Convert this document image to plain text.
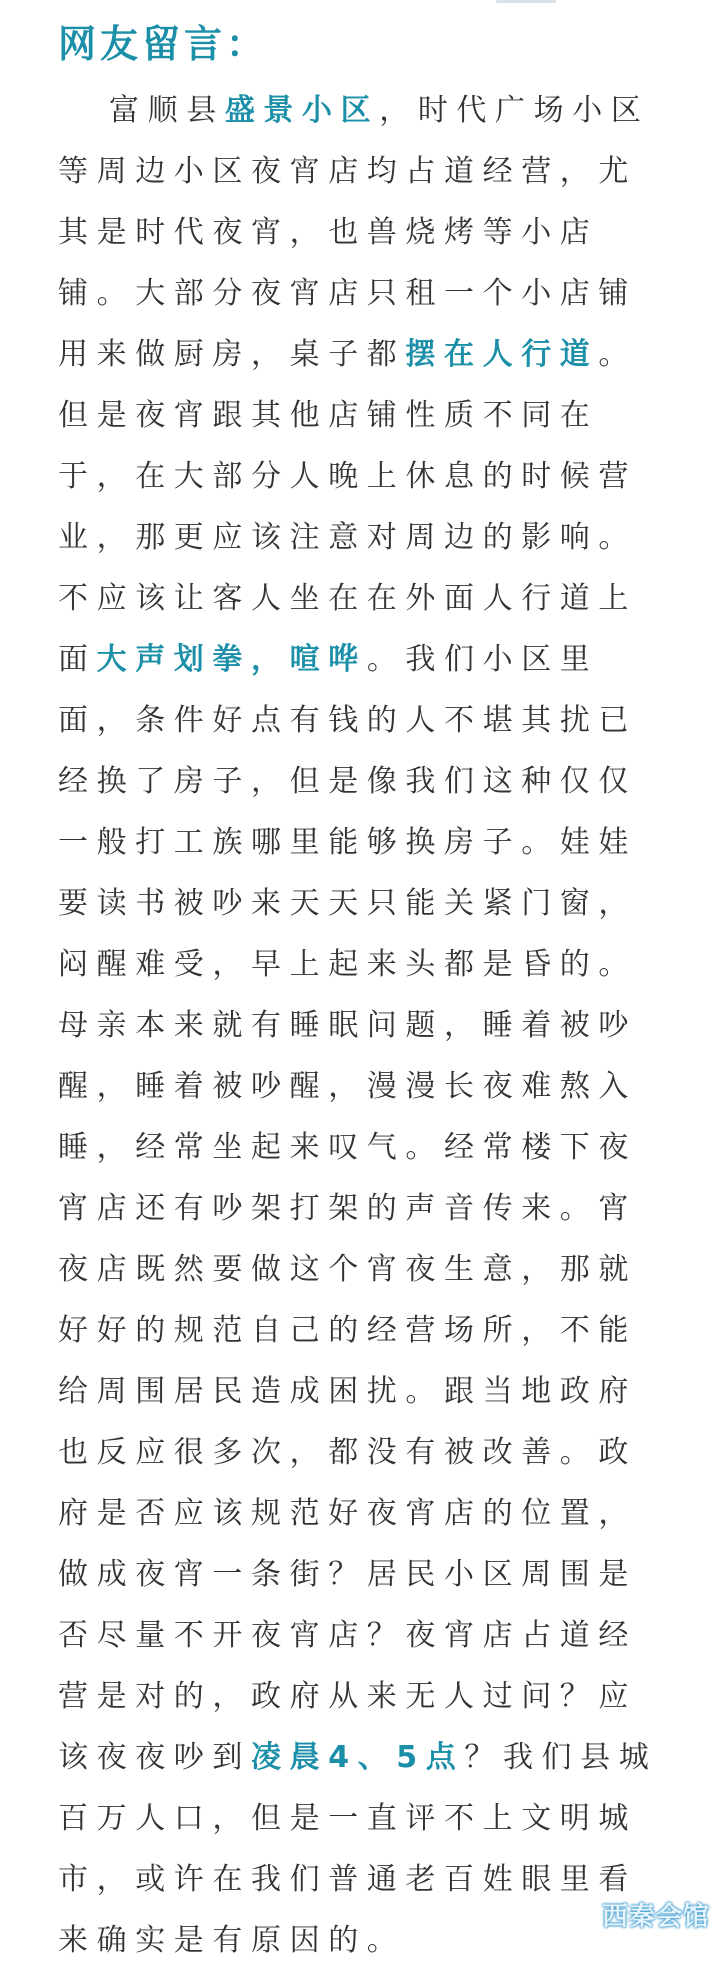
网友留言：

富顺县盛景小区，时代广场小区等周边小区夜宵店均占道经营，尤其是时代夜宵，也兽烧烤等小店铺。大部分夜宵店只租一个小店铺用来做厨房，桌子都摆在人行道。但是夜宵跟其他店铺性质不同在于，在大部分人晚上休息的时候营业，那更应该注意对周边的影响。不应该让客人坐在在外面人行道上面大声划拳，喧哗。我们小区里面，条件好点有钱的人不堪其扰已经换了房子，但是像我们这种仅仅一般打工族哪里能够换房子。娃娃要读书被吵来天天只能关紧门窗，闷醒难受，早上起来头都是昏的。母亲本来就有睡眠问题，睡着被吵醒，睡着被吵醒，漫漫长夜难熬入睡，经常坐起来叹气。经常楼下夜宵店还有吵架打架的声音传来。宵夜店既然要做这个宵夜生意，那就好好的规范自己的经营场所，不能给周围居民造成困扰。跟当地政府也反应很多次，都没有被改善。政府是否应该规范好夜宵店的位置，做成夜宵一条街？居民小区周围是否尽量不开夜宵店？夜宵店占道经营是对的，政府从来无人过问？应该夜夜吵到凌晨4、5点？我们县城百万人口，但是一直评不上文明城市，或许在我们普通老百姓眼里看来确实是有原因的。

西秦会馆
